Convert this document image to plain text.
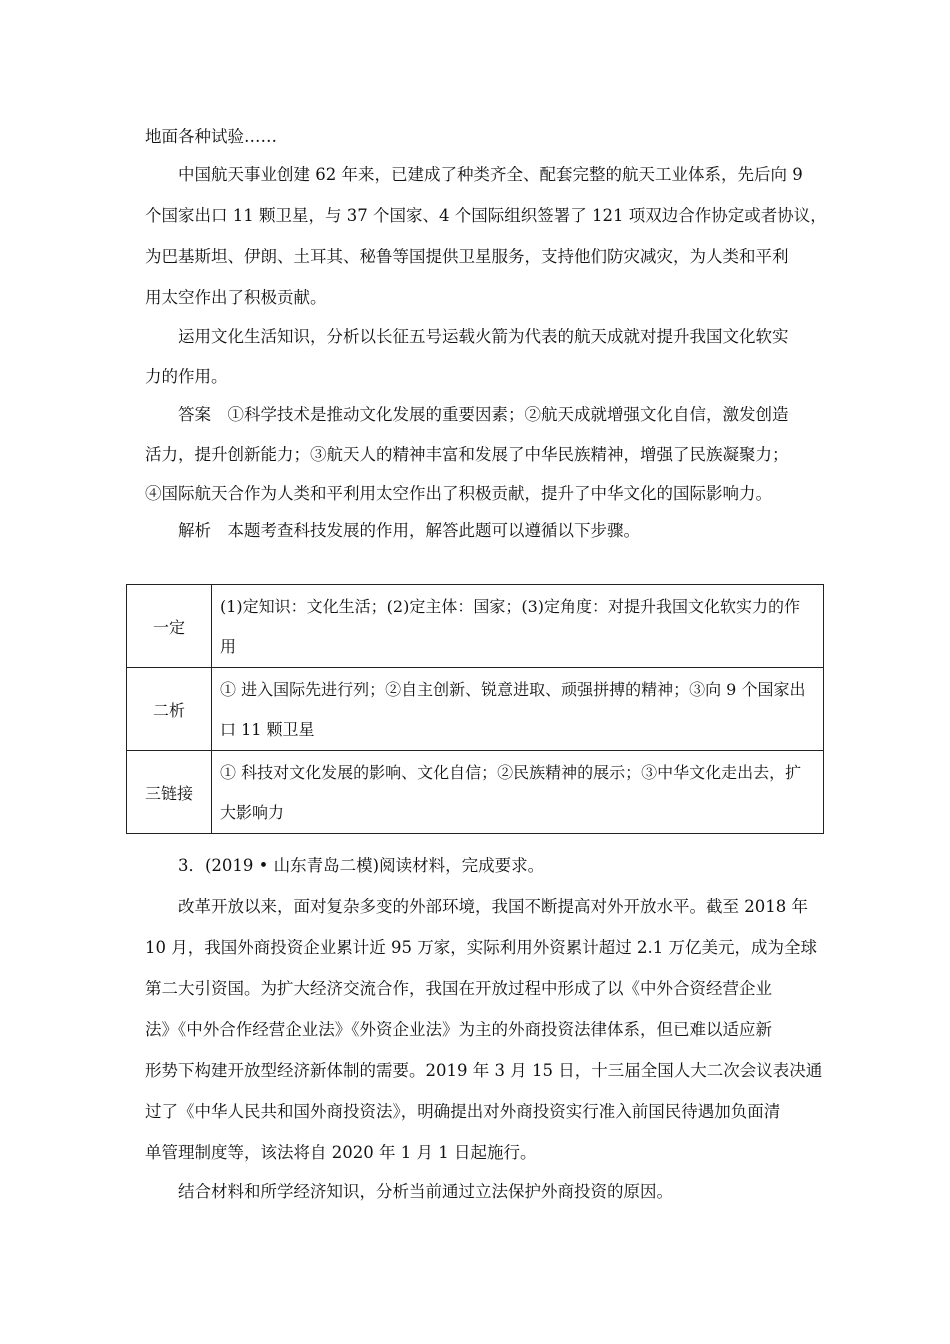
地面各种试验……
中国航天事业创建 62 年来，已建成了种类齐全、配套完整的航天工业体系，先后向 9
个国家出口 11 颗卫星，与 37 个国家、4 个国际组织签署了 121 项双边合作协定或者协议，
为巴基斯坦、伊朗、土耳其、秘鲁等国提供卫星服务，支持他们防灾减灾，为人类和平利
用太空作出了积极贡献。
运用文化生活知识，分析以长征五号运载火箭为代表的航天成就对提升我国文化软实
力的作用。
答案　①科学技术是推动文化发展的重要因素；②航天成就增强文化自信，激发创造
活力，提升创新能力；③航天人的精神丰富和发展了中华民族精神，增强了民族凝聚力；
④国际航天合作为人类和平利用太空作出了积极贡献，提升了中华文化的国际影响力。
解析　本题考查科技发展的作用，解答此题可以遵循以下步骤。
一定	(1)定知识：文化生活；(2)定主体：国家；(3)定角度：对提升我国文化软实力的作用
二析	① 进入国际先进行列；②自主创新、锐意进取、顽强拼搏的精神；③向 9 个国家出口 11 颗卫星
三链接	① 科技对文化发展的影响、文化自信；②民族精神的展示；③中华文化走出去，扩大影响力
3．(2019 • 山东青岛二模)阅读材料，完成要求。
改革开放以来，面对复杂多变的外部环境，我国不断提高对外开放水平。截至 2018 年
10 月，我国外商投资企业累计近 95 万家，实际利用外资累计超过 2.1 万亿美元，成为全球
第二大引资国。为扩大经济交流合作，我国在开放过程中形成了以《中外合资经营企业
法》《中外合作经营企业法》《外资企业法》为主的外商投资法律体系，但已难以适应新
形势下构建开放型经济新体制的需要。2019 年 3 月 15 日，十三届全国人大二次会议表决通
过了《中华人民共和国外商投资法》，明确提出对外商投资实行准入前国民待遇加负面清
单管理制度等，该法将自 2020 年 1 月 1 日起施行。
结合材料和所学经济知识，分析当前通过立法保护外商投资的原因。
